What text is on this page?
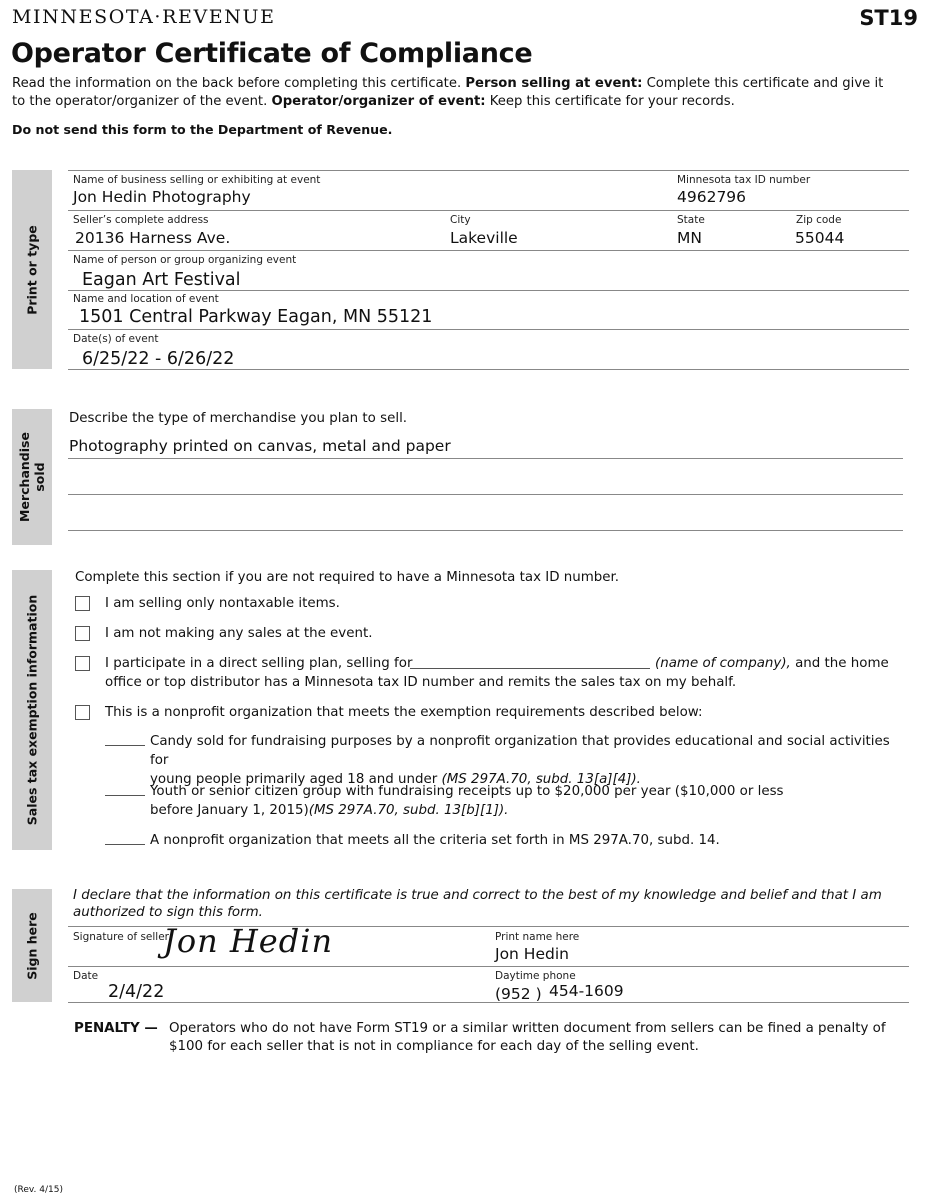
MINNESOTA·REVENUE	ST19
Operator Certificate of Compliance
Read the information on the back before completing this certificate. Person selling at event: Complete this certificate and give it to the operator/organizer of the event. Operator/organizer of event: Keep this certificate for your records.
Do not send this form to the Department of Revenue.
Print or type
Name of business selling or exhibiting at event	Minnesota tax ID number
Jon Hedin Photography	4962796
Seller’s complete address	City	State	Zip code
20136 Harness Ave.	Lakeville	MN	55044
Name of person or group organizing event
Eagan Art Festival
Name and location of event
1501 Central Parkway Eagan, MN 55121
Date(s) of event
6/25/22 - 6/26/22
Merchandise sold
Describe the type of merchandise you plan to sell.
Photography printed on canvas, metal and paper
Sales tax exemption information
Complete this section if you are not required to have a Minnesota tax ID number.
I am selling only nontaxable items.
I am not making any sales at the event.
I participate in a direct selling plan, selling for	(name of company), and the home
office or top distributor has a Minnesota tax ID number and remits the sales tax on my behalf.
This is a nonprofit organization that meets the exemption requirements described below:
Candy sold for fundraising purposes by a nonprofit organization that provides educational and social activities for
young people primarily aged 18 and under (MS 297A.70, subd. 13[a][4]).
Youth or senior citizen group with fundraising receipts up to $20,000 per year ($10,000 or less
before January 1, 2015)(MS 297A.70, subd. 13[b][1]).
A nonprofit organization that meets all the criteria set forth in MS 297A.70, subd. 14.
Sign here
I declare that the information on this certificate is true and correct to the best of my knowledge and belief and that I am authorized to sign this form.
Signature of seller
Jon Hedin	Print name here
Jon Hedin
Date
2/4/22
Daytime phone
(952 ) 454-1609
PENALTY — Operators who do not have Form ST19 or a similar written document from sellers can be fined a penalty of $100 for each seller that is not in compliance for each day of the selling event.
(Rev. 4/15)
